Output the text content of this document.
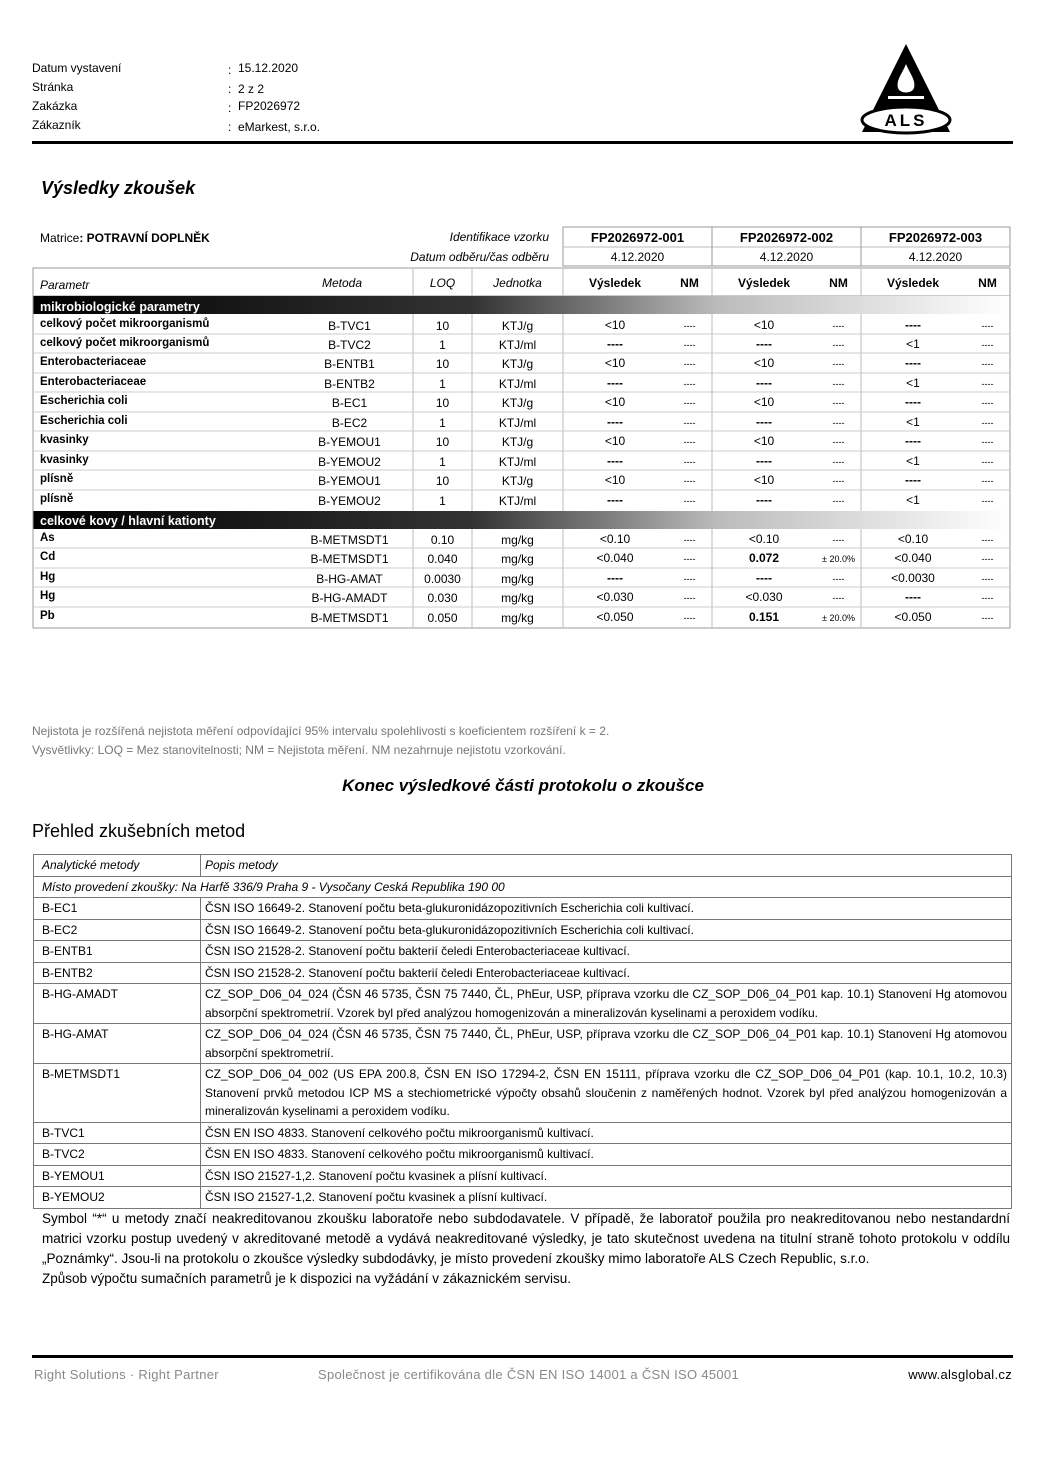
Datum vystavení	: 15.12.2020
Stránka	: 2 z 2
Zakázka	: FP2026972
Zákazník	: eMarkest, s.r.o.	ALS
Výsledky zkoušek
Matrice: POTRAVNÍ DOPLNĚK	Identifikace vzorku
Datum odběru/čas odběru
FP2026972-001	FP2026972-002	FP2026972-003
4.12.2020	4.12.2020	4.12.2020
Parametr	Metoda	LOQ	Jednotka	Výsledek	NM	Výsledek	NM	Výsledek	NM
mikrobiologické parametry
celkové kovy / hlavní kationty
celkový počet mikroorganismů	B-TVC1	10	KTJ/g	<10	----	<10	----	----	----
celkový počet mikroorganismů	B-TVC2	1	KTJ/ml	----	----	----	----	<1	----
Enterobacteriaceae	B-ENTB1	10	KTJ/g	<10	----	<10	----	----	----
Enterobacteriaceae	B-ENTB2	1	KTJ/ml	----	----	----	----	<1	----
Escherichia coli	B-EC1	10	KTJ/g	<10	----	<10	----	----	----
Escherichia coli	B-EC2	1	KTJ/ml	----	----	----	----	<1	----
kvasinky	B-YEMOU1	10	KTJ/g	<10	----	<10	----	----	----
kvasinky	B-YEMOU2	1	KTJ/ml	----	----	----	----	<1	----
plísně	B-YEMOU1	10	KTJ/g	<10	----	<10	----	----	----
plísně	B-YEMOU2	1	KTJ/ml	----	----	----	----	<1	----
As	B-METMSDT1	0.10	mg/kg	<0.10	----	<0.10	----	<0.10	----
Cd	B-METMSDT1	0.040	mg/kg	<0.040	----	0.072	± 20.0%	<0.040	----
Hg	B-HG-AMAT	0.0030	mg/kg	----	----	----	----	<0.0030	----
Hg	B-HG-AMADT	0.030	mg/kg	<0.030	----	<0.030	----	----	----
Pb	B-METMSDT1	0.050	mg/kg	<0.050	----	0.151	± 20.0%	<0.050	----
Nejistota je rozšířená nejistota měření odpovídající 95% intervalu spolehlivosti s koeficientem rozšíření k = 2.
Vysvětlivky: LOQ = Mez stanovitelnosti; NM = Nejistota měření. NM nezahrnuje nejistotu vzorkování.
Konec výsledkové části protokolu o zkoušce
Přehled zkušebních metod
Analytické metody	Popis metody
Místo provedení zkoušky: Na Harfě 336/9 Praha 9 - Vysočany Ceská Republika 190 00	
B-EC1	ČSN ISO 16649-2. Stanovení počtu beta-glukuronidázopozitivních Escherichia coli kultivací.
B-EC2	ČSN ISO 16649-2. Stanovení počtu beta-glukuronidázopozitivních Escherichia coli kultivací.
B-ENTB1	ČSN ISO 21528-2. Stanovení počtu bakterií čeledi Enterobacteriaceae kultivací.
B-ENTB2	ČSN ISO 21528-2. Stanovení počtu bakterií čeledi Enterobacteriaceae kultivací.
B-HG-AMADT	CZ_SOP_D06_04_024 (ČSN 46 5735, ČSN 75 7440, ČL, PhEur, USP, příprava vzorku dle CZ_SOP_D06_04_P01 kap. 10.1) Stanovení Hg atomovou absorpční spektrometrií. Vzorek byl před analýzou homogenizován a mineralizován kyselinami a peroxidem vodíku.
B-HG-AMAT	CZ_SOP_D06_04_024 (ČSN 46 5735, ČSN 75 7440, ČL, PhEur, USP, příprava vzorku dle CZ_SOP_D06_04_P01 kap. 10.1) Stanovení Hg atomovou absorpční spektrometrií.
B-METMSDT1	CZ_SOP_D06_04_002 (US EPA 200.8, ČSN EN ISO 17294-2, ČSN EN 15111, příprava vzorku dle CZ_SOP_D06_04_P01 (kap. 10.1, 10.2, 10.3) Stanovení prvků metodou ICP MS a stechiometrické výpočty obsahů sloučenin z naměřených hodnot. Vzorek byl před analýzou homogenizován a mineralizován kyselinami a peroxidem vodíku.
B-TVC1	ČSN EN ISO 4833. Stanovení celkového počtu mikroorganismů kultivací.
B-TVC2	ČSN EN ISO 4833. Stanovení celkového počtu mikroorganismů kultivací.
B-YEMOU1	ČSN ISO 21527-1,2. Stanovení počtu kvasinek a plísní kultivací.
B-YEMOU2	ČSN ISO 21527-1,2. Stanovení počtu kvasinek a plísní kultivací.
Symbol “*“ u metody značí neakreditovanou zkoušku laboratoře nebo subdodavatele. V případě, že laboratoř použila pro neakreditovanou nebo nestandardní matrici vzorku postup uvedený v akreditované metodě a vydává neakreditované výsledky, je tato skutečnost uvedena na titulní straně tohoto protokolu v oddílu „Poznámky“. Jsou-li na protokolu o zkoušce výsledky subdodávky, je místo provedení zkoušky mimo laboratoře ALS Czech Republic, s.r.o.
Způsob výpočtu sumačních parametrů je k dispozici na vyžádání v zákaznickém servisu.
Right Solutions · Right Partner	Společnost je certifikována dle ČSN EN ISO 14001 a ČSN ISO 45001	www.alsglobal.cz
